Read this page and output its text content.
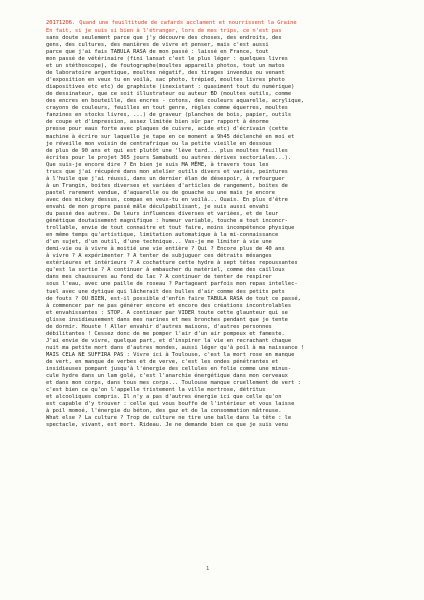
20171206. Quand une feuiltitude de cafards acclament et nourrissent la Graine

En fait, si je suis si bien à l'étranger, lors de mes trips, ce n'est pas

sans doute seulement parce que j'y découvre des choses, des endroits, des

gens, des cultures, des manières de vivre et penser, mais c'est aussi

parce que j'ai fais TABULA RASA de mon passé : laissé en France, tout

mon passé de vétérinaire (fini lansat c'est le plus léger : quelques livres

et un stéthoscope), de foutographe(moultes appareils photos, tout un matos

de laboratoire argentique, moultes négatif, des tirages invendus ou venant

d'exposition en veux tu en voilà, sac photo, trépied, moultes livres photo

diapositives etc etc) de graphiste (inexistant : quasiment tout du numérique)

de dessinateur, que ce soit illustrateur ou auteur BD (moultes outils, comme

des encres en bouteille, des encres - cotons, des couleurs aquarelle, acrylique,

crayons de couleurs, feuilles en tout genre, règles comme équerres, moultes

fanzines en stocks livres, ...) de graveur (planches de bois, papier, outils

de coupe et d'impression, assez limitée bien sûr par rapport à énorme

presse pour eaux forte avec plaques de cuivre, acide etc) d'écrivain (cette

machine à écrire sur laquelle je tape en ce moment a 9h45 déclenché en moi et

je réveille mon voisin de centrafrique ou la petite vieille en dessous

de plus de 90 ans et qui est plutôt une 'lève tard... plus moultes feuilles

écrites pour le projet 365 jours Samabudi ou autres dérives sectoriales...).

Que suis-je encore dire ? En bien je suis MA MÊME, à travers tous les

trucs que j'ai récupéré dans mon atelier outils divers et variés, peintures

à l'huile que j'ai réussi, dans un dernier élan de désespoir, à refourguer

à un Trangin, boites diverses et variées d'articles de rangement, boites de

pastel rarement vendue, d'aquarelle ou de gouache ou une mais je encore

avec des mickey dessus, compas en veux-tu en voilà... Ouais. En plus d'être

envahi de mon propre passé mâle déculpabilisant, je suis aussi envahi

du passé des autres. De leurs influences diverses et variées, et de leur

génétique doutaisement magnifique : humeur variable, touche a tout inconcr-

trollable, envie de tout connaitre et tout faire, moins incompétence physique

en même temps qu'artistique, limitation automatique à la mi-connaissance

d'un sujet, d'un outil, d'une technique... Vas-je me limiter à vie une

demi-vie ou à vivre à moitié une vie entière ? Qui ? Encore plus de 40 ans

à vivre ? A expérimenter ? A tenter de subjuguer ces détraits mésanges

extérieures et intérieurs ? A cochatture cette hydre à sept têtes repoussantes

qu'est la sortie ? A continuer à embaucher du matériel, comme des cailloux

dans mes chaussures au fond du lac ? A continuer de tenter de respirer

sous l'eau, avec une paille de roseau ? Partageant parfois mon repas intellec-

tuel avec une dytique qui lâcherait des bulles d'air comme des petits pets

de fouts ? OU BIEN, est-il possible d'enfin faire TABULA RASA de tout ce passé,

à commencer par ne pas générer encore et encore des créations incontrolables

et envahissantes : STOP. A continuer par VIDER toute cette glaunteur qui se

glisse insidieusement dans mes narines et mes bronches pendant que je tente

de dormir. Houste ! Aller envahir d'autres maisons, d'autres personnes

débilitantes ! Cessez donc de me pomper l'air d'un air pompeux et fameste.

J'ai envie de vivre, quelque part, et d'inspirer la vie en recrachant chaque

nuit ma petite mort dans d'autres mondes, aussi léger qu'à poil à ma naissance !

MAIS CELA NE SUFFIRA PAS : Vivre ici à Toulouse, c'est la mort rose en manque

de vert, en manque de verbes et de verve, c'est les ondes pénétrantes et

insidieuses pompant jusqu'à l'énergie des cellules en folie comme une minus-

cule hydre dans un lam golé, c'est l'anarchie énergétique dans mon cerveaux

et dans mon corps, dans tous mes corps... Toulouse manque cruellement de vert :

c'est bien ce qu'on l'appelle tristement la ville mortrose, détritus

et alcooliques compris. Il n'y a pas d'autres énergie ici que celle qu'on

est capable d'y trouver : celle qui vous bouffe de l'intérieur et vous laisse

à poil momoé, l'énergie du béton, des gaz et de la consommation mâtreuse.

What else ? La culture ? Trop de culture ne tire une balle dans la tête : le

spectacle, vivant, est mort. Rideau. Je ne demande bien ce que je suis venu

1
